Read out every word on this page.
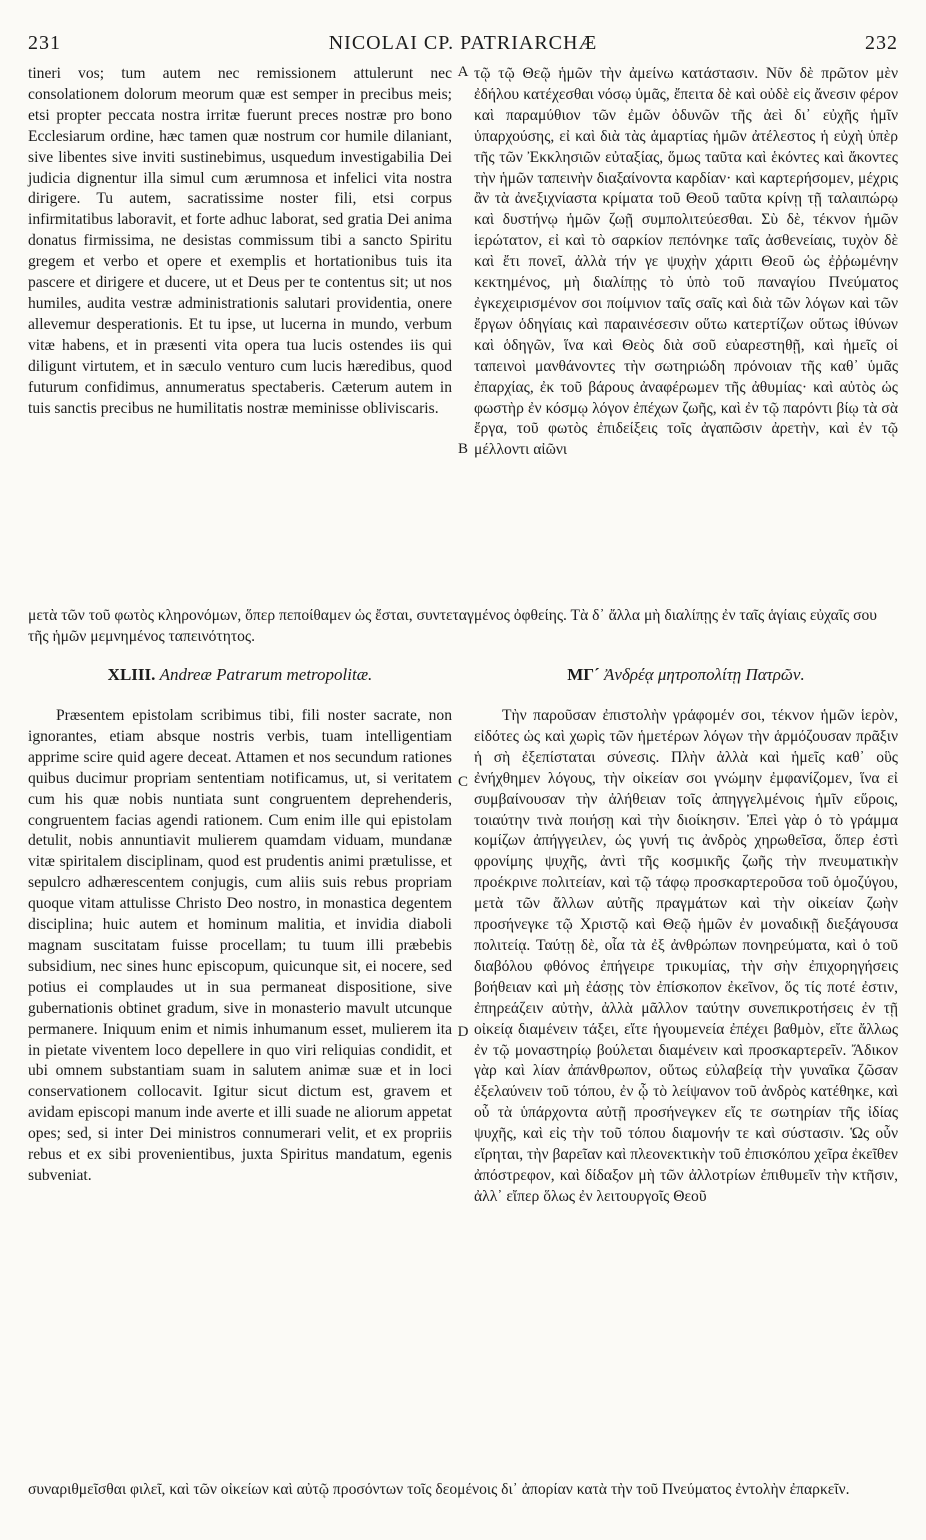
231	NICOLAI CP. PATRIARCHÆ	232
A
B
C
D

tineri vos; tum autem nec remissionem attulerunt nec consolationem dolorum meorum quæ est semper in precibus meis; etsi propter peccata nostra irritæ fuerunt preces nostræ pro bono Ecclesiarum ordine, hæc tamen quæ nostrum cor humile dilaniant, sive libentes sive inviti sustinebimus, usquedum investigabilia Dei judicia dignentur illa simul cum ærumnosa et infelici vita nostra dirigere. Tu autem, sacratissime noster fili, etsi corpus infirmitatibus laboravit, et forte adhuc laborat, sed gratia Dei anima donatus firmissima, ne desistas commissum tibi a sancto Spiritu gregem et verbo et opere et exemplis et hortationibus tuis ita pascere et dirigere et ducere, ut et Deus per te contentus sit; ut nos humiles, audita vestræ administrationis salutari providentia, onere allevemur desperationis. Et tu ipse, ut lucerna in mundo, verbum vitæ habens, et in præsenti vita opera tua lucis ostendes iis qui diligunt virtutem, et in sæculo venturo cum lucis hæredibus, quod futurum confidimus, annumeratus spectaberis. Cæterum autem in tuis sanctis precibus ne humilitatis nostræ meminisse obliviscaris.

τῷ τῷ Θεῷ ἡμῶν τὴν ἀμείνω κατάστασιν. Νῦν δὲ πρῶτον μὲν ἐδήλου κατέχεσθαι νόσῳ ὑμᾶς, ἔπειτα δὲ καὶ οὐδὲ εἰς ἄνεσιν φέρον καὶ παραμύθιον τῶν ἐμῶν ὀδυνῶν τῆς ἀεὶ δι᾽ εὐχῆς ἡμῖν ὑπαρχούσης, εἰ καὶ διὰ τὰς ἁμαρτίας ἡμῶν ἀτέλεστος ἡ εὐχὴ ὑπὲρ τῆς τῶν Ἐκκλησιῶν εὐταξίας, ὅμως ταῦτα καὶ ἑκόντες καὶ ἄκοντες τὴν ἡμῶν ταπεινὴν διαξαίνοντα καρδίαν· καὶ καρτερήσομεν, μέχρις ἂν τὰ ἀνεξιχνίαστα κρίματα τοῦ Θεοῦ ταῦτα κρίνῃ τῇ ταλαιπώρῳ καὶ δυστήνῳ ἡμῶν ζωῇ συμπολιτεύεσθαι. Σὺ δὲ, τέκνον ἡμῶν ἱερώτατον, εἰ καὶ τὸ σαρκίον πεπόνηκε ταῖς ἀσθενείαις, τυχὸν δὲ καὶ ἔτι πονεῖ, ἀλλὰ τήν γε ψυχὴν χάριτι Θεοῦ ὡς ἐῤῥωμένην κεκτημένος, μὴ διαλίπῃς τὸ ὑπὸ τοῦ παναγίου Πνεύματος ἐγκεχειρισμένον σοι ποίμνιον ταῖς σαῖς καὶ διὰ τῶν λόγων καὶ τῶν ἔργων ὁδηγίαις καὶ παραινέσεσιν οὕτω κατερτίζων οὕτως ἰθύνων καὶ ὁδηγῶν, ἵνα καὶ Θεὸς διὰ σοῦ εὐαρεστηθῇ, καὶ ἡμεῖς οἱ ταπεινοὶ μανθάνοντες τὴν σωτηριώδη πρόνοιαν τῆς καθ᾽ ὑμᾶς ἐπαρχίας, ἐκ τοῦ βάρους ἀναφέρωμεν τῆς ἀθυμίας· καὶ αὐτὸς ὡς φωστὴρ ἐν κόσμῳ λόγον ἐπέχων ζωῆς, καὶ ἐν τῷ παρόντι βίῳ τὰ σὰ ἔργα, τοῦ φωτὸς ἐπιδείξεις τοῖς ἀγαπῶσιν ἀρετὴν, καὶ ἐν τῷ μέλλοντι αἰῶνι

μετὰ τῶν τοῦ φωτὸς κληρονόμων, ὅπερ πεποίθαμεν ὡς ἔσται, συντεταγμένος ὀφθείης. Τὰ δ᾽ ἄλλα μὴ διαλίπῃς ἐν ταῖς ἁγίαις εὐχαῖς σου τῆς ἡμῶν μεμνημένος ταπεινότητος.
XLIII. Andreæ Patrarum metropolitæ.	ΜΓ´ Ἀνδρέᾳ μητροπολίτῃ Πατρῶν.

Præsentem epistolam scribimus tibi, fili noster sacrate, non ignorantes, etiam absque nostris verbis, tuam intelligentiam apprime scire quid agere deceat. Attamen et nos secundum rationes quibus ducimur propriam sententiam notificamus, ut, si veritatem cum his quæ nobis nuntiata sunt congruentem deprehenderis, congruentem facias agendi rationem. Cum enim ille qui epistolam detulit, nobis annuntiavit mulierem quamdam viduam, mundanæ vitæ spiritalem disciplinam, quod est prudentis animi prætulisse, et sepulcro adhærescentem conjugis, cum aliis suis rebus propriam quoque vitam attulisse Christo Deo nostro, in monastica degentem disciplina; huic autem et hominum malitia, et invidia diaboli magnam suscitatam fuisse procellam; tu tuum illi præbebis subsidium, nec sines hunc episcopum, quicunque sit, ei nocere, sed potius ei complaudes ut in sua permaneat dispositione, sive gubernationis obtinet gradum, sive in monasterio mavult utcunque permanere. Iniquum enim et nimis inhumanum esset, mulierem ita in pietate viventem loco depellere in quo viri reliquias condidit, et ubi omnem substantiam suam in salutem animæ suæ et in loci conservationem collocavit. Igitur sicut dictum est, gravem et avidam episcopi manum inde averte et illi suade ne aliorum appetat opes; sed, si inter Dei ministros connumerari velit, et ex propriis rebus et ex sibi provenientibus, juxta Spiritus mandatum, egenis subveniat.

Τὴν παροῦσαν ἐπιστολὴν γράφομέν σοι, τέκνον ἡμῶν ἱερὸν, εἰδότες ὡς καὶ χωρὶς τῶν ἡμετέρων λόγων τὴν ἁρμόζουσαν πρᾶξιν ἡ σὴ ἐξεπίσταται σύνεσις. Πλὴν ἀλλὰ καὶ ἡμεῖς καθ᾽ οὓς ἐνήχθημεν λόγους, τὴν οἰκείαν σοι γνώμην ἐμφανίζομεν, ἵνα εἰ συμβαίνουσαν τὴν ἀλήθειαν τοῖς ἀπηγγελμένοις ἡμῖν εὕροις, τοιαύτην τινὰ ποιήσῃ καὶ τὴν διοίκησιν. Ἐπεὶ γὰρ ὁ τὸ γράμμα κομίζων ἀπήγγειλεν, ὡς γυνή τις ἀνδρὸς χηρωθεῖσα, ὅπερ ἐστὶ φρονίμης ψυχῆς, ἀντὶ τῆς κοσμικῆς ζωῆς τὴν πνευματικὴν προέκρινε πολιτείαν, καὶ τῷ τάφῳ προσκαρτεροῦσα τοῦ ὁμοζύγου, μετὰ τῶν ἄλλων αὐτῆς πραγμάτων καὶ τὴν οἰκείαν ζωὴν προσήνεγκε τῷ Χριστῷ καὶ Θεῷ ἡμῶν ἐν μοναδικῇ διεξάγουσα πολιτείᾳ. Ταύτῃ δὲ, οἷα τὰ ἐξ ἀνθρώπων πονηρεύματα, καὶ ὁ τοῦ διαβόλου φθόνος ἐπήγειρε τρικυμίας, τὴν σὴν ἐπιχορηγήσεις βοήθειαν καὶ μὴ ἐάσῃς τὸν ἐπίσκοπον ἐκεῖνον, ὅς τίς ποτέ ἐστιν, ἐπηρεάζειν αὐτὴν, ἀλλὰ μᾶλλον ταύτην συνεπικροτήσεις ἐν τῇ οἰκείᾳ διαμένειν τάξει, εἴτε ἡγουμενεία ἐπέχει βαθμὸν, εἴτε ἄλλως ἐν τῷ μοναστηρίῳ βούλεται διαμένειν καὶ προσκαρτερεῖν. Ἄδικον γὰρ καὶ λίαν ἀπάνθρωπον, οὕτως εὐλαβείᾳ τὴν γυναῖκα ζῶσαν ἐξελαύνειν τοῦ τόπου, ἐν ᾧ τὸ λείψανον τοῦ ἀνδρὸς κατέθηκε, καὶ οὗ τὰ ὑπάρχοντα αὐτῇ προσήνεγκεν εἴς τε σωτηρίαν τῆς ἰδίας ψυχῆς, καὶ εἰς τὴν τοῦ τόπου διαμονήν τε καὶ σύστασιν. Ὡς οὖν εἴρηται, τὴν βαρεῖαν καὶ πλεονεκτικὴν τοῦ ἐπισκόπου χεῖρα ἐκεῖθεν ἀπόστρεφον, καὶ δίδαξον μὴ τῶν ἀλλοτρίων ἐπιθυμεῖν τὴν κτῆσιν, ἀλλ᾽ εἴπερ ὅλως ἐν λειτουργοῖς Θεοῦ

συναριθμεῖσθαι φιλεῖ, καὶ τῶν οἰκείων καὶ αὐτῷ προσόντων τοῖς δεομένοις δι᾽ ἀπορίαν κατὰ τὴν τοῦ Πνεύματος ἐντολὴν ἐπαρκεῖν.
